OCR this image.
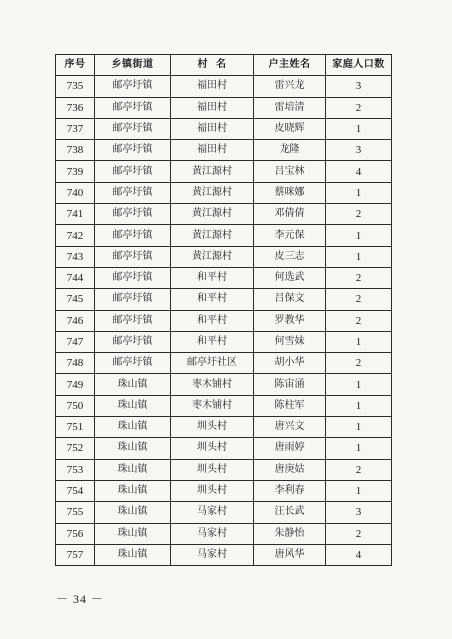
序号	乡镇街道	村  名	户主姓名	家庭人口数
735	邮亭圩镇	福田村	雷兴龙	3
736	邮亭圩镇	福田村	雷培清	2
737	邮亭圩镇	福田村	皮晓辉	1
738	邮亭圩镇	福田村	龙隆	3
739	邮亭圩镇	黄江源村	吕宝林	4
740	邮亭圩镇	黄江源村	蔡咪娜	1
741	邮亭圩镇	黄江源村	邓倩倩	2
742	邮亭圩镇	黄江源村	李元保	1
743	邮亭圩镇	黄江源村	皮三志	1
744	邮亭圩镇	和平村	何选武	2
745	邮亭圩镇	和平村	吕保文	2
746	邮亭圩镇	和平村	罗教华	2
747	邮亭圩镇	和平村	何雪妹	1
748	邮亭圩镇	邮亭圩社区	胡小华	2
749	珠山镇	枣木铺村	陈宙涌	1
750	珠山镇	枣木铺村	陈柱军	1
751	珠山镇	圳头村	唐兴文	1
752	珠山镇	圳头村	唐雨婷	1
753	珠山镇	圳头村	唐庚姑	2
754	珠山镇	圳头村	李利春	1
755	珠山镇	马家村	汪长武	3
756	珠山镇	马家村	朱静怡	2
757	珠山镇	马家村	唐风华	4
－ 34 －
